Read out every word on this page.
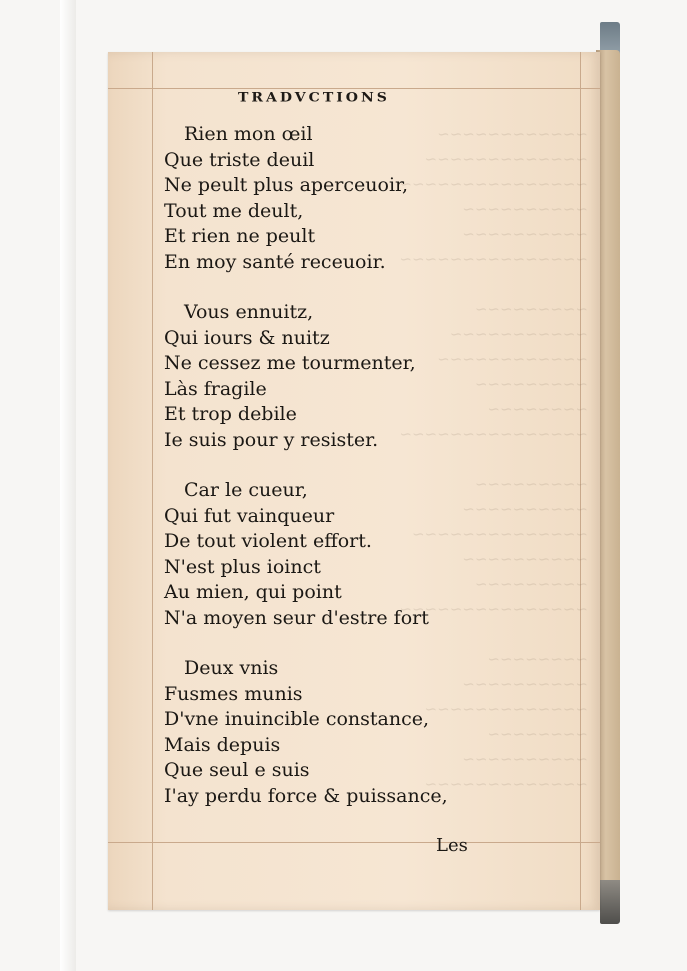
~~~~~~~~~~~~
~~~~~~~~~~~~~
~~~~~~~~~~~~~~~
~~~~~~~~~~
~~~~~~~~~~
~~~~~~~~~~~~~~~

~~~~~~~~~
~~~~~~~~~~~
~~~~~~~~~~~~
~~~~~~~~~
~~~~~~~~
~~~~~~~~~~~~~~~

~~~~~~~~~
~~~~~~~~~~
~~~~~~~~~~~~~~
~~~~~~~~~~
~~~~~~~~~
~~~~~~~~~~~~~~~

~~~~~~~~
~~~~~~~~~~
~~~~~~~~~~~~~
~~~~~~~~
~~~~~~~~~~
~~~~~~~~~~~~~
TRADVCTIONS
Rien mon œil
Que triste deuil
Ne peult plus aperceuoir,
Tout me deult,
Et rien ne peult
En moy santé receuoir.
Vous ennuitz,
Qui iours & nuitz
Ne cessez me tourmenter,
Làs fragile
Et trop debile
Ie suis pour y resister.
Car le cueur,
Qui fut vainqueur
De tout violent effort.
N'est plus ioinct
Au mien, qui point
N'a moyen seur d'estre fort
Deux vnis
Fusmes munis
D'vne inuincible constance,
Mais depuis
Que seul e suis
I'ay perdu force & puissance,
Les
